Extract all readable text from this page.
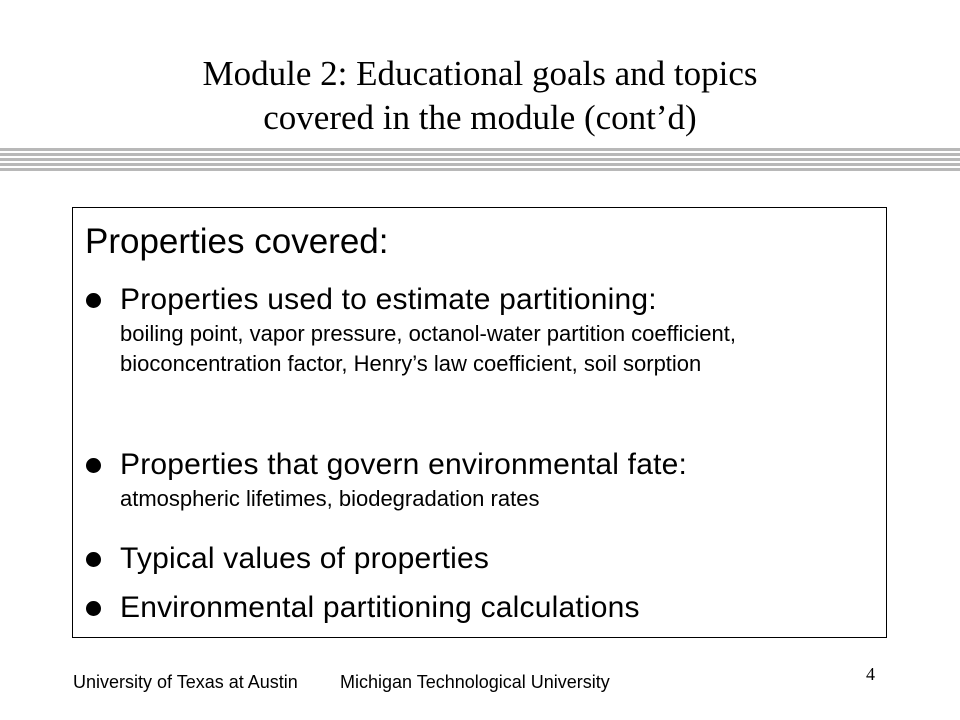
Module 2: Educational goals and topics
covered in the module (cont’d)
Properties covered:
Properties used to estimate partitioning:
boiling point, vapor pressure, octanol-water partition coefficient, bioconcentration factor, Henry’s law coefficient, soil sorption
Properties that govern environmental fate:
atmospheric lifetimes, biodegradation rates
Typical values of properties
Environmental partitioning calculations
University of Texas at Austin Michigan Technological University	4
